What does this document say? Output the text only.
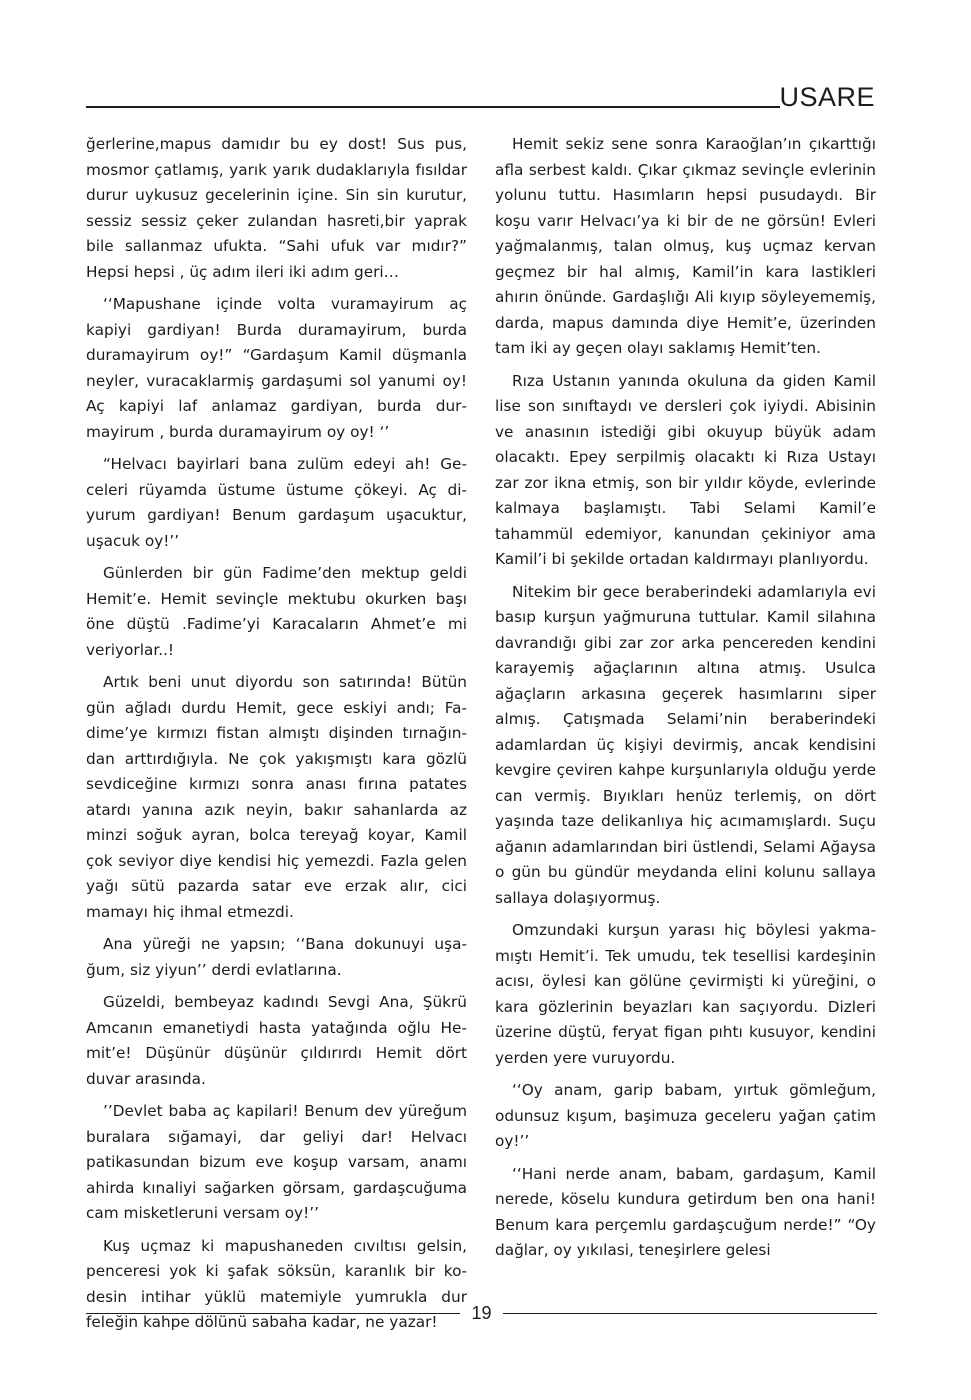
USARE

ğerlerine,mapus damıdır bu ey dost! Sus pus, mosmor çatlamış, yarık yarık dudaklarıyla fısıldar durur uykusuz gecelerinin içine. Sin sin kurutur, sessiz sessiz çeker zulandan hasreti,bir yaprak bile sallanmaz ufukta. “Sahi ufuk var mıdır?” Hepsi hepsi , üç adım ileri iki adım geri…

‘‘Mapushane içinde volta vuramayirum aç kapiyi gardiyan! Burda duramayirum, burda duramayirum oy!” “Gardaşum Kamil düşmanla neyler, vuracaklarmiş gardaşumi sol yanumi oy! Aç kapiyi laf anlamaz gardiyan, burda durmayirum , burda duramayirum oy oy! ‘’

“Helvacı bayirlari bana zulüm edeyi ah! Geceleri rüyamda üstume üstume çökeyi. Aç diyurum gardiyan! Benum gardaşum uşacuktur, uşacuk oy!’’

Günlerden bir gün Fadime’den mektup geldi Hemit’e. Hemit sevinçle mektubu okurken başı öne düştü .Fadime’yi Karacaların Ahmet’e mi veriyorlar..!

Artık beni unut diyordu son satırında! Bütün gün ağladı durdu Hemit, gece eskiyi andı; Fadime’ye kırmızı fistan almıştı dişinden tırnağından arttırdığıyla. Ne çok yakışmıştı kara gözlü sevdiceğine kırmızı sonra anası fırına patates atardı yanına azık neyin, bakır sahanlarda az minzi soğuk ayran, bolca tereyağ koyar, Kamil çok seviyor diye kendisi hiç yemezdi. Fazla gelen yağı sütü pazarda satar eve erzak alır, cici mamayı hiç ihmal etmezdi.

Ana yüreği ne yapsın; ‘‘Bana dokunuyi uşağum, siz yiyun’’ derdi evlatlarına.

Güzeldi, bembeyaz kadındı Sevgi Ana, Şükrü Amcanın emanetiydi hasta yatağında oğlu Hemit’e! Düşünür düşünür çıldırırdı Hemit dört duvar arasında.

’’Devlet baba aç kapilari! Benum dev yüreğum buralara sığamayi, dar geliyi dar! Helvacı patikasundan bizum eve koşup varsam, anamı ahirda kınaliyi sağarken görsam, gardaşcuğuma cam misketleruni versam oy!’’

Kuş uçmaz ki mapushaneden cıvıltısı gelsin, penceresi yok ki şafak söksün, karanlık bir kodesin intihar yüklü matemiyle yumrukla dur feleğin kahpe dölünü sabaha kadar, ne yazar!

Hemit sekiz sene sonra Karaoğlan’ın çıkarttığı afla serbest kaldı. Çıkar çıkmaz sevinçle evlerinin yolunu tuttu. Hasımların hepsi pusudaydı. Bir koşu varır Helvacı’ya ki bir de ne görsün! Evleri yağmalanmış, talan olmuş, kuş uçmaz kervan geçmez bir hal almış, Kamil’in kara lastikleri ahırın önünde. Gardaşlığı Ali kıyıp söyleyememiş, darda, mapus damında diye Hemit’e, üzerinden tam iki ay geçen olayı saklamış Hemit’ten.

Rıza Ustanın yanında okuluna da giden Kamil lise son sınıftaydı ve dersleri çok iyiydi. Abisinin ve anasının istediği gibi okuyup büyük adam olacaktı. Epey serpilmiş olacaktı ki Rıza Ustayı zar zor ikna etmiş, son bir yıldır köyde, evlerinde kalmaya başlamıştı. Tabi Selami Kamil’e tahammül edemiyor, kanundan çekiniyor ama Kamil’i bi şekilde ortadan kaldırmayı planlıyordu.

Nitekim bir gece beraberindeki adamlarıyla evi basıp kurşun yağmuruna tuttular. Kamil silahına davrandığı gibi zar zor arka pencereden kendini karayemiş ağaçlarının altına atmış. Usulca ağaçların arkasına geçerek hasımlarını siper almış. Çatışmada Selami’nin beraberindeki adamlardan üç kişiyi devirmiş, ancak kendisini kevgire çeviren kahpe kurşunlarıyla olduğu yerde can vermiş. Bıyıkları henüz terlemiş, on dört yaşında taze delikanlıya hiç acımamışlardı. Suçu ağanın adamlarından biri üstlendi, Selami Ağaysa o gün bu gündür meydanda elini kolunu sallaya sallaya dolaşıyormuş.

Omzundaki kurşun yarası hiç böylesi yakmamıştı Hemit’i. Tek umudu, tek tesellisi kardeşinin acısı, öylesi kan gölüne çevirmişti ki yüreğini, o kara gözlerinin beyazları kan saçıyordu. Dizleri üzerine düştü, feryat figan pıhtı kusuyor, kendini yerden yere vuruyordu.

‘‘Oy anam, garip babam, yırtuk gömleğum, odunsuz kışum, başimuza geceleru yağan çatim oy!’’

‘‘Hani nerde anam, babam, gardaşum, Kamil nerede, köselu kundura getirdum ben ona hani! Benum kara perçemlu gardaşcuğum nerde!” “Oy dağlar, oy yıkılasi, teneşirlere gelesi

19
